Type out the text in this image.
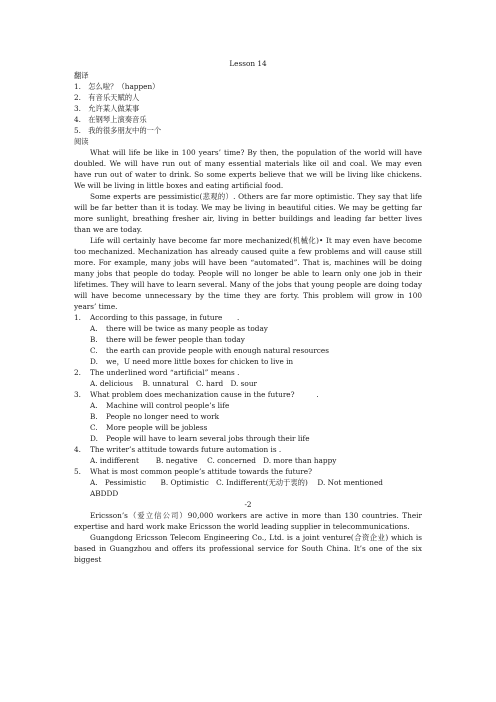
Lesson 14
翻译
1.　怎么啦？（happen）
2.　有音乐天赋的人
3.　允许某人做某事
4.　在钢琴上演奏音乐
5.　我的很多朋友中的一个
阅读

What will life be like in 100 years’ time? By then, the population of the world will have doubled. We will have run out of many essential materials like oil and coal. We may even have run out of water to drink. So some experts believe that we will be living like chickens. We will be living in little boxes and eating artificial food.

Some experts are pessimistic(悲观的）. Others are far more optimistic. They say that life will be far better than it is today. We may be living in beautiful cities. We may be getting far more sunlight, breathing fresher air, living in better buildings and leading far better lives than we are today.

Life will certainly have become far more mechanized(机械化)• It may even have become too mechanized. Mechanization has already caused quite a few problems and will cause still more. For example, many jobs will have been “automated”. That is, machines will be doing many jobs that people do today. People will no longer be able to learn only one job in their lifetimes. They will have to learn several. Many of the jobs that young people are doing today will have become unnecessary by the time they are forty. This problem will grow in 100 years’ time.

1.	According to this passage, in future　　.
A.	there will be twice as many people as today
B.	there will be fewer people than today
C.	the earth can provide people with enough natural resources
D.	we，U need more little boxes for chicken to live in
2.	The underlined word “artificial” means .
A. delicious　 B. unnatural　C. hard　D. sour
3.	What problem does mechanization cause in the future?　　　.
A.	Machine will control people’s life
B.	People no longer need to work
C.	More people will be jobless
D.	People will have to learn several jobs through their life
4.	The writer’s attitude towards future automation is .
A. indifferent　　 B. negative　 C. concerned　D. more than happy
5.	What is most common people’s attitude towards the future?
A.　Pessimistic　　B. Optimistic　C. Indifferent(无动于衷的)　 D. Not mentioned
ABDDD
-2

Ericsson’s（爱立信公司）90,000 workers are active in more than 130 countries. Their expertise and hard work make Ericsson the world leading supplier in telecommunications.

Guangdong Ericsson Telecom Engineering Co., Ltd. is a joint venture(合资企业) which is based in Guangzhou and offers its professional service for South China. It’s one of the six biggest
